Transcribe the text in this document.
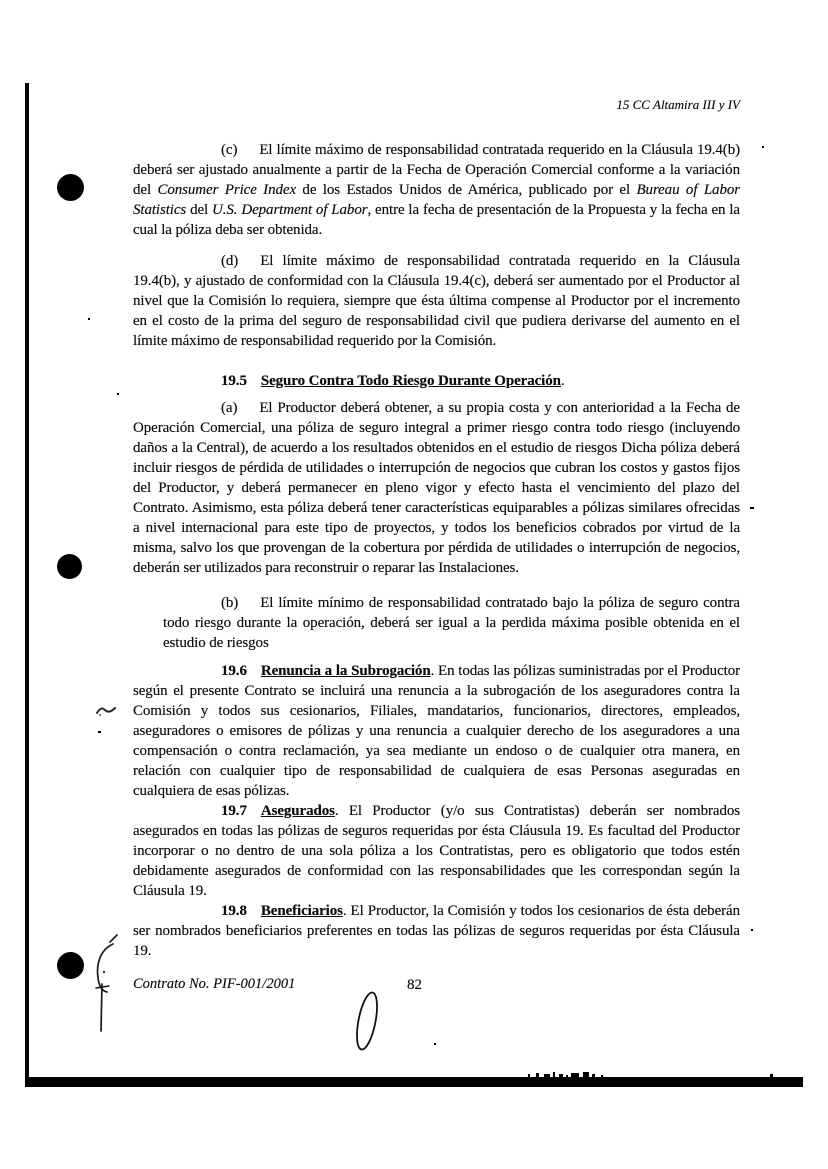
15 CC Altamira III y IV

(c) El límite máximo de responsabilidad contratada requerido en la Cláusula 19.4(b) deberá ser ajustado anualmente a partir de la Fecha de Operación Comercial conforme a la variación del Consumer Price Index de los Estados Unidos de América, publicado por el Bureau of Labor Statistics del U.S. Department of Labor, entre la fecha de presentación de la Propuesta y la fecha en la cual la póliza deba ser obtenida.

(d) El límite máximo de responsabilidad contratada requerido en la Cláusula 19.4(b), y ajustado de conformidad con la Cláusula 19.4(c), deberá ser aumentado por el Productor al nivel que la Comisión lo requiera, siempre que ésta última compense al Productor por el incremento en el costo de la prima del seguro de responsabilidad civil que pudiera derivarse del aumento en el límite máximo de responsabilidad requerido por la Comisión.

19.5 Seguro Contra Todo Riesgo Durante Operación.

(a) El Productor deberá obtener, a su propia costa y con anterioridad a la Fecha de Operación Comercial, una póliza de seguro integral a primer riesgo contra todo riesgo (incluyendo daños a la Central), de acuerdo a los resultados obtenidos en el estudio de riesgos Dicha póliza deberá incluir riesgos de pérdida de utilidades o interrupción de negocios que cubran los costos y gastos fijos del Productor, y deberá permanecer en pleno vigor y efecto hasta el vencimiento del plazo del Contrato. Asimismo, esta póliza deberá tener características equiparables a pólizas similares ofrecidas a nivel internacional para este tipo de proyectos, y todos los beneficios cobrados por virtud de la misma, salvo los que provengan de la cobertura por pérdida de utilidades o interrupción de negocios, deberán ser utilizados para reconstruir o reparar las Instalaciones.

(b) El límite mínimo de responsabilidad contratado bajo la póliza de seguro contra todo riesgo durante la operación, deberá ser igual a la perdida máxima posible obtenida en el estudio de riesgos

19.6 Renuncia a la Subrogación. En todas las pólizas suministradas por el Productor según el presente Contrato se incluirá una renuncia a la subrogación de los aseguradores contra la Comisión y todos sus cesionarios, Filiales, mandatarios, funcionarios, directores, empleados, aseguradores o emisores de pólizas y una renuncia a cualquier derecho de los aseguradores a una compensación o contra reclamación, ya sea mediante un endoso o de cualquier otra manera, en relación con cualquier tipo de responsabilidad de cualquiera de esas Personas aseguradas en cualquiera de esas pólizas.

19.7 Asegurados. El Productor (y/o sus Contratistas) deberán ser nombrados asegurados en todas las pólizas de seguros requeridas por ésta Cláusula 19. Es facultad del Productor incorporar o no dentro de una sola póliza a los Contratistas, pero es obligatorio que todos estén debidamente asegurados de conformidad con las responsabilidades que les correspondan según la Cláusula 19.

19.8 Beneficiarios. El Productor, la Comisión y todos los cesionarios de ésta deberán ser nombrados beneficiarios preferentes en todas las pólizas de seguros requeridas por ésta Cláusula 19.

Contrato No. PIF-001/2001	82
